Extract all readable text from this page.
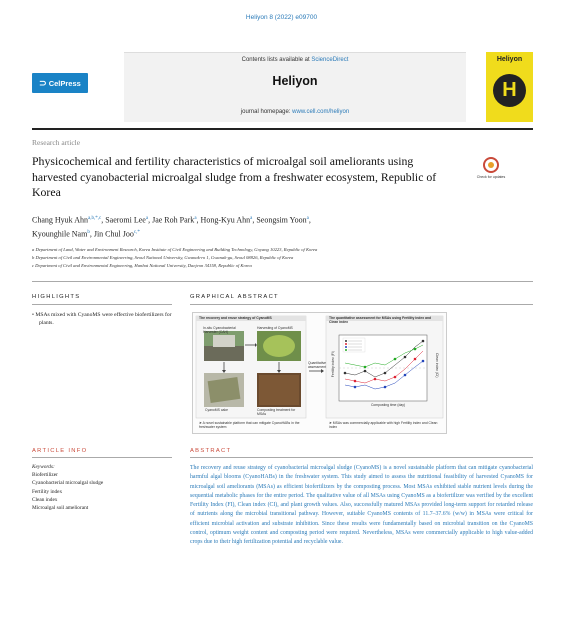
Heliyon 8 (2022) e09700
⊃ CelPress
Contents lists available at ScienceDirect
Heliyon
journal homepage: www.cell.com/heliyon
Heliyon
H
Research article
Physicochemical and fertility characteristics of microalgal soil ameliorants using harvested cyanobacterial microalgal sludge from a freshwater ecosystem, Republic of Korea
Check for updates
Chang Hyuk Ahn$^{a,b,*,c}$, Saeromi Lee$^a$, Jae Roh Park$^a$, Hong-Kyu Ahn$^a$, Seongsim Yoon$^a$,
Kyounghile Nam$^b$, Jin Chul Joo$^{c,*}$
a Department of Land, Water and Environment Research, Korea Institute of Civil Engineering and Building Technology, Goyang 10223, Republic of Korea
b Department of Civil and Environmental Engineering, Seoul National University, Gwanak-ro 1, Gwanak-gu, Seoul 08826, Republic of Korea
c Department of Civil and Environmental Engineering, Hanbat National University, Daejeon 34158, Republic of Korea
HIGHLIGHTS
• MSAs mixed with CyanoMS were effective biofertilizers for plants.
GRAPHICAL ABSTRACT
The recovery and reuse strategy of CyanoMS	The quantitative assessment for MSAs using Fertility index and Clean index
In-situ Cyanobacterial Harvester (CAH)
Harvesting of CyanoMS
CyanoMS cake	Composting treatment for MSAs
Quantitative assessment	Fertility index (FI)	Clean index (CI)
Composting time (day)
➤ A novel sustainable platform that can mitigate CyanoHABs in the freshwater system
➤ MSAs was commercially applicable with high Fertility index and Clean index
ARTICLE INFO
Keywords:
Biofertilizer
Cyanobacterial microalgal sludge
Fertility index
Clean index
Microalgal soil ameliorant
ABSTRACT
The recovery and reuse strategy of cyanobacterial microalgal sludge (CyanoMS) is a novel sustainable platform that can mitigate cyanobacterial harmful algal blooms (CyanoHABs) in the freshwater system. This study aimed to assess the nutritional feasibility of harvested CyanoMS for microalgal soil ameliorants (MSAs) as efficient biofertilizers by the composting process. Most MSAs exhibited stable nutrient levels during the sequential metabolic phases for the entire period. The qualitative value of all MSAs using CyanoMS as a biofertilizer was verified by the excellent Fertility Index (FI), Clean index (CI), and plant growth values. Also, successfully matured MSAs provided long-term support for retarded release of nutrients along the microbial transitional pathway. However, suitable CyanoMS contents of 11.7–37.6% (w/w) in MSAs were critical for efficient microbial activation and substrate inhibition. Since these results were fundamentally based on microbial transition on the CyanoMS control, optimum weight content and composting period were required. Nevertheless, MSAs were commercially applicable to high value-added crops due to their high fertilization potential and recyclable value.
